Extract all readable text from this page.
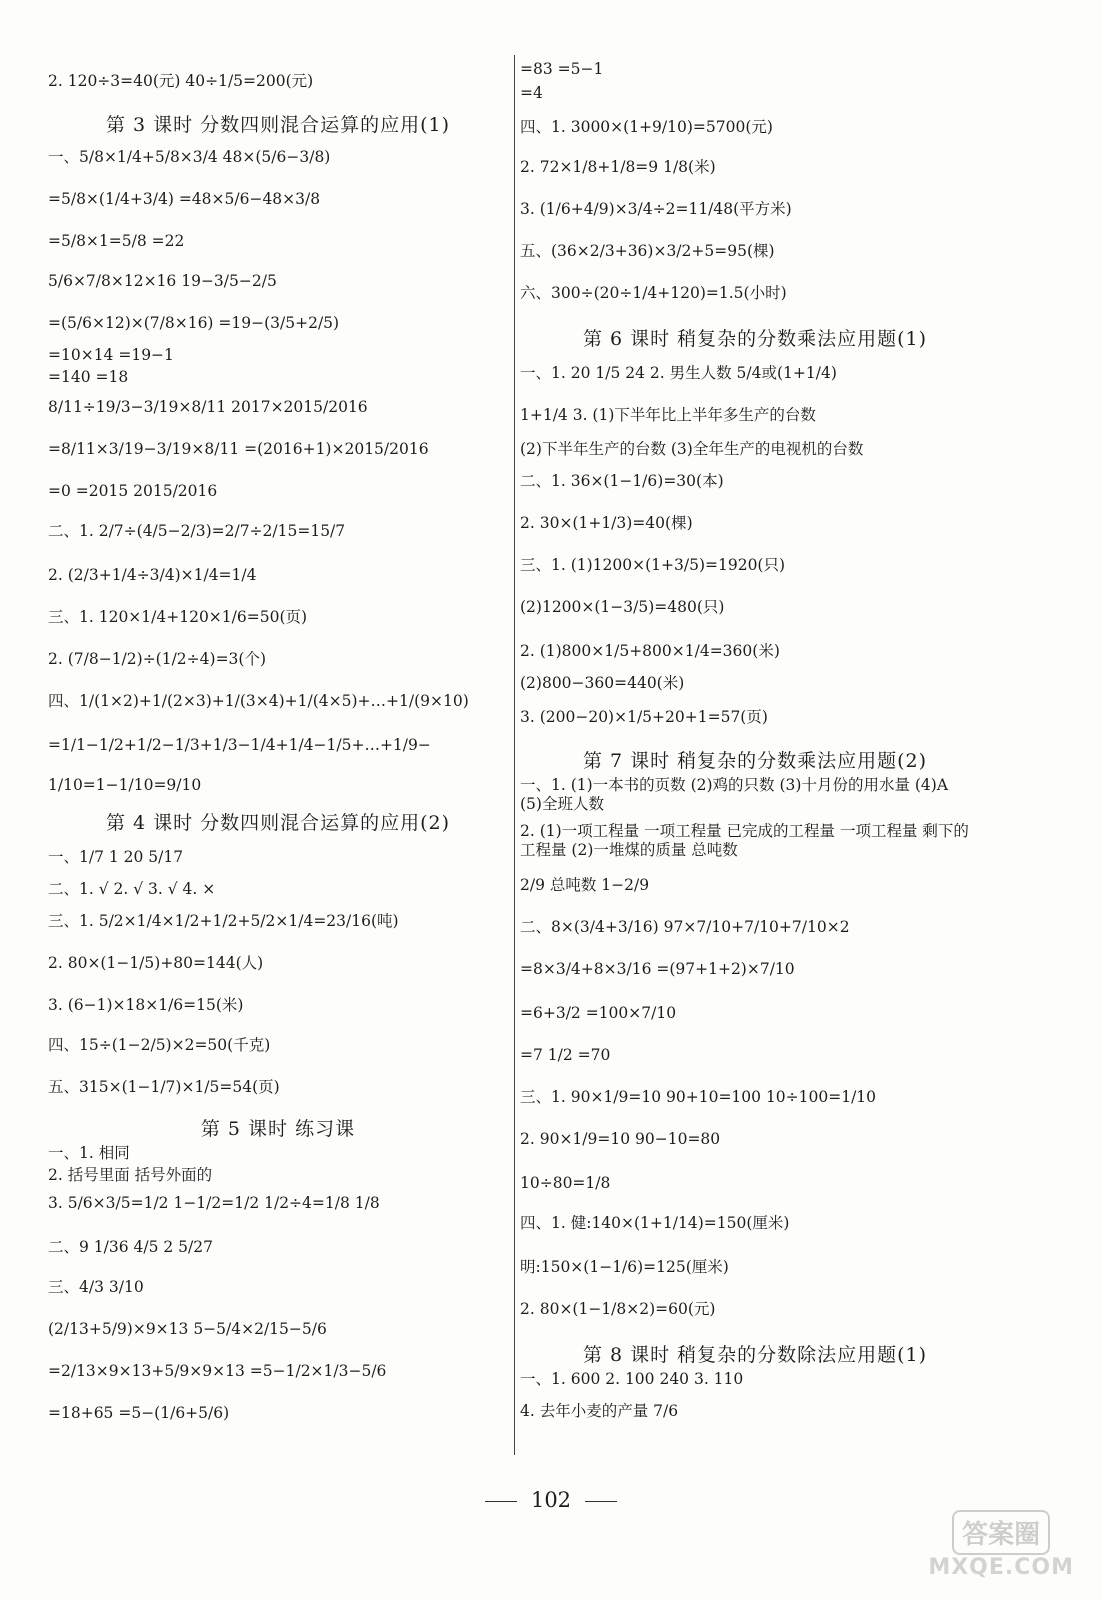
2. 120÷3=40(元) 40÷1/5=200(元)
第 3 课时 分数四则混合运算的应用(1)
一、5/8×1/4+5/8×3/4 48×(5/6−3/8)
=5/8×(1/4+3/4) =48×5/6−48×3/8
=5/8×1=5/8 =22
5/6×7/8×12×16 19−3/5−2/5
=(5/6×12)×(7/8×16) =19−(3/5+2/5)
=10×14 =19−1
=140 =18
8/11÷19/3−3/19×8/11 2017×2015/2016
=8/11×3/19−3/19×8/11 =(2016+1)×2015/2016
=0 =2015 2015/2016
二、1. 2/7÷(4/5−2/3)=2/7÷2/15=15/7
2. (2/3+1/4÷3/4)×1/4=1/4
三、1. 120×1/4+120×1/6=50(页)
2. (7/8−1/2)÷(1/2÷4)=3(个)
四、1/(1×2)+1/(2×3)+1/(3×4)+1/(4×5)+…+1/(9×10)
=1/1−1/2+1/2−1/3+1/3−1/4+1/4−1/5+…+1/9−
1/10=1−1/10=9/10
第 4 课时 分数四则混合运算的应用(2)
一、1/7 1 20 5/17
二、1. √ 2. √ 3. √ 4. ×
三、1. 5/2×1/4×1/2+1/2+5/2×1/4=23/16(吨)
2. 80×(1−1/5)+80=144(人)
3. (6−1)×18×1/6=15(米)
四、15÷(1−2/5)×2=50(千克)
五、315×(1−1/7)×1/5=54(页)
第 5 课时 练习课
一、1. 相同
2. 括号里面 括号外面的
3. 5/6×3/5=1/2 1−1/2=1/2 1/2÷4=1/8 1/8
二、9 1/36 4/5 2 5/27
三、4/3 3/10
(2/13+5/9)×9×13 5−5/4×2/15−5/6
=2/13×9×13+5/9×9×13 =5−1/2×1/3−5/6
=18+65 =5−(1/6+5/6)
=83 =5−1
=4
四、1. 3000×(1+9/10)=5700(元)
2. 72×1/8+1/8=9 1/8(米)
3. (1/6+4/9)×3/4÷2=11/48(平方米)
五、(36×2/3+36)×3/2+5=95(棵)
六、300÷(20÷1/4+120)=1.5(小时)
第 6 课时 稍复杂的分数乘法应用题(1)
一、1. 20 1/5 24 2. 男生人数 5/4或(1+1/4)
1+1/4 3. (1)下半年比上半年多生产的台数
(2)下半年生产的台数 (3)全年生产的电视机的台数
二、1. 36×(1−1/6)=30(本)
2. 30×(1+1/3)=40(棵)
三、1. (1)1200×(1+3/5)=1920(只)
(2)1200×(1−3/5)=480(只)
2. (1)800×1/5+800×1/4=360(米)
(2)800−360=440(米)
3. (200−20)×1/5+20+1=57(页)
第 7 课时 稍复杂的分数乘法应用题(2)
一、1. (1)一本书的页数 (2)鸡的只数 (3)十月份的用水量 (4)A (5)全班人数
2. (1)一项工程量 一项工程量 已完成的工程量 一项工程量 剩下的工程量 (2)一堆煤的质量 总吨数
2/9 总吨数 1−2/9
二、8×(3/4+3/16) 97×7/10+7/10+7/10×2
=8×3/4+8×3/16 =(97+1+2)×7/10
=6+3/2 =100×7/10
=7 1/2 =70
三、1. 90×1/9=10 90+10=100 10÷100=1/10
2. 90×1/9=10 90−10=80
10÷80=1/8
四、1. 健:140×(1+1/14)=150(厘米)
明:150×(1−1/6)=125(厘米)
2. 80×(1−1/8×2)=60(元)
第 8 课时 稍复杂的分数除法应用题(1)
一、1. 600 2. 100 240 3. 110
4. 去年小麦的产量 7/6
102
答案圈
MXQE.COM
